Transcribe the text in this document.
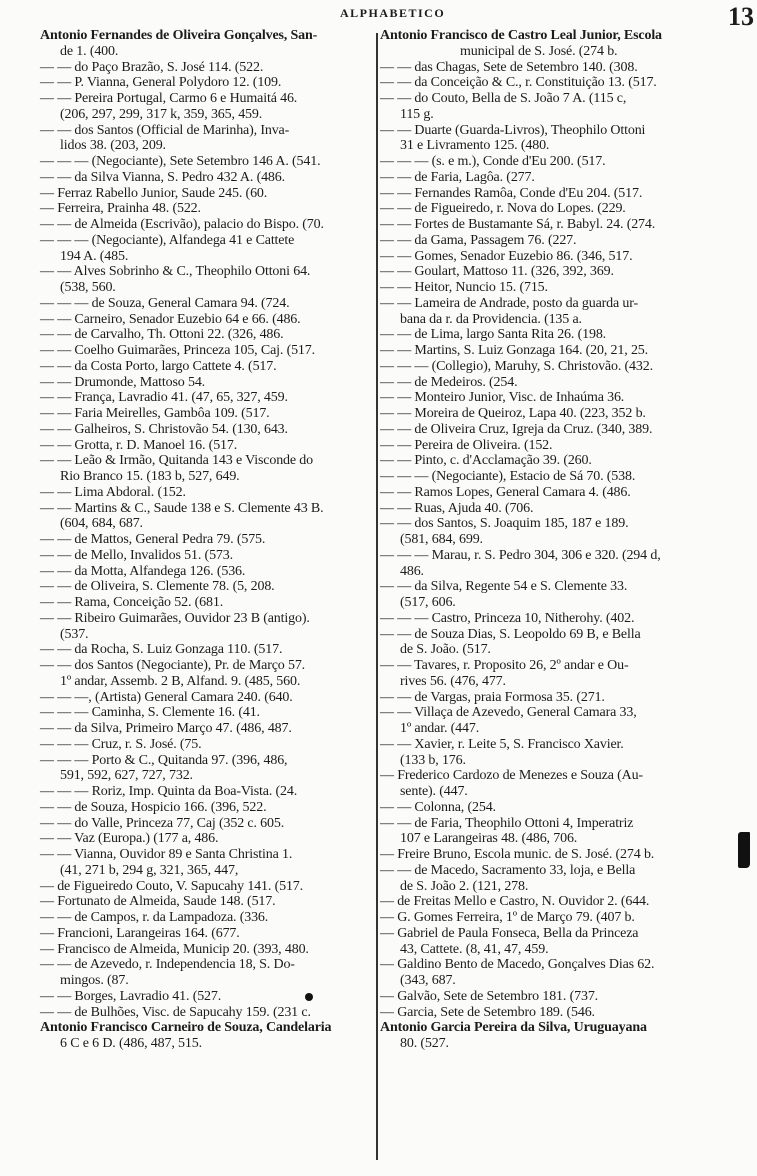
ALPHABETICO	13
Antonio Fernandes de Oliveira Gonçalves, San-
de 1. (400.
— — do Paço Brazão, S. José 114. (522.
— — P. Vianna, General Polydoro 12. (109.
— — Pereira Portugal, Carmo 6 e Humaitá 46.
(206, 297, 299, 317 k, 359, 365, 459.
— — dos Santos (Official de Marinha), Inva-
lidos 38. (203, 209.
— — — (Negociante), Sete Setembro 146 A. (541.
— — da Silva Vianna, S. Pedro 432 A. (486.
— Ferraz Rabello Junior, Saude 245. (60.
— Ferreira, Prainha 48. (522.
— — de Almeida (Escrivão), palacio do Bispo. (70.
— — — (Negociante), Alfandega 41 e Cattete
194 A. (485.
— — Alves Sobrinho & C., Theophilo Ottoni 64.
(538, 560.
— — — de Souza, General Camara 94. (724.
— — Carneiro, Senador Euzebio 64 e 66. (486.
— — de Carvalho, Th. Ottoni 22. (326, 486.
— — Coelho Guimarães, Princeza 105, Caj. (517.
— — da Costa Porto, largo Cattete 4. (517.
— — Drumonde, Mattoso 54.
— — França, Lavradio 41. (47, 65, 327, 459.
— — Faria Meirelles, Gambôa 109. (517.
— — Galheiros, S. Christovão 54. (130, 643.
— — Grotta, r. D. Manoel 16. (517.
— — Leão & Irmão, Quitanda 143 e Visconde do
Rio Branco 15. (183 b, 527, 649.
— — Lima Abdoral. (152.
— — Martins & C., Saude 138 e S. Clemente 43 B.
(604, 684, 687.
— — de Mattos, General Pedra 79. (575.
— — de Mello, Invalidos 51. (573.
— — da Motta, Alfandega 126. (536.
— — de Oliveira, S. Clemente 78. (5, 208.
— — Rama, Conceição 52. (681.
— — Ribeiro Guimarães, Ouvidor 23 B (antigo).
(537.
— — da Rocha, S. Luiz Gonzaga 110. (517.
— — dos Santos (Negociante), Pr. de Março 57.
1º andar, Assemb. 2 B, Alfand. 9. (485, 560.
— — —, (Artista) General Camara 240. (640.
— — — Caminha, S. Clemente 16. (41.
— — da Silva, Primeiro Março 47. (486, 487.
— — — Cruz, r. S. José. (75.
— — — Porto & C., Quitanda 97. (396, 486,
591, 592, 627, 727, 732.
— — — Roriz, Imp. Quinta da Boa-Vista. (24.
— — de Souza, Hospicio 166. (396, 522.
— — do Valle, Princeza 77, Caj (352 c. 605.
— — Vaz (Europa.) (177 a, 486.
— — Vianna, Ouvidor 89 e Santa Christina 1.
(41, 271 b, 294 g, 321, 365, 447,
— de Figueiredo Couto, V. Sapucahy 141. (517.
— Fortunato de Almeida, Saude 148. (517.
— — de Campos, r. da Lampadoza. (336.
— Francioni, Larangeiras 164. (677.
— Francisco de Almeida, Municip 20. (393, 480.
— — de Azevedo, r. Independencia 18, S. Do-
mingos. (87.
— — Borges, Lavradio 41. (527.
— — de Bulhões, Visc. de Sapucahy 159. (231 c.
Antonio Francisco Carneiro de Souza, Candelaria
6 C e 6 D. (486, 487, 515.
Antonio Francisco de Castro Leal Junior, Escola
municipal de S. José. (274 b.
— — das Chagas, Sete de Setembro 140. (308.
— — da Conceição & C., r. Constituição 13. (517.
— — do Couto, Bella de S. João 7 A. (115 c,
115 g.
— — Duarte (Guarda-Livros), Theophilo Ottoni
31 e Livramento 125. (480.
— — — (s. e m.), Conde d'Eu 200. (517.
— — de Faria, Lagôa. (277.
— — Fernandes Ramôa, Conde d'Eu 204. (517.
— — de Figueiredo, r. Nova do Lopes. (229.
— — Fortes de Bustamante Sá, r. Babyl. 24. (274.
— — da Gama, Passagem 76. (227.
— — Gomes, Senador Euzebio 86. (346, 517.
— — Goulart, Mattoso 11. (326, 392, 369.
— — Heitor, Nuncio 15. (715.
— — Lameira de Andrade, posto da guarda ur-
bana da r. da Providencia. (135 a.
— — de Lima, largo Santa Rita 26. (198.
— — Martins, S. Luiz Gonzaga 164. (20, 21, 25.
— — — (Collegio), Maruhy, S. Christovão. (432.
— — de Medeiros. (254.
— — Monteiro Junior, Visc. de Inhaúma 36.
— — Moreira de Queiroz, Lapa 40. (223, 352 b.
— — de Oliveira Cruz, Igreja da Cruz. (340, 389.
— — Pereira de Oliveira. (152.
— — Pinto, c. d'Acclamação 39. (260.
— — — (Negociante), Estacio de Sá 70. (538.
— — Ramos Lopes, General Camara 4. (486.
— — Ruas, Ajuda 40. (706.
— — dos Santos, S. Joaquim 185, 187 e 189.
(581, 684, 699.
— — — Marau, r. S. Pedro 304, 306 e 320. (294 d,
486.
— — da Silva, Regente 54 e S. Clemente 33.
(517, 606.
— — — Castro, Princeza 10, Nitherohy. (402.
— — de Souza Dias, S. Leopoldo 69 B, e Bella
de S. João. (517.
— — Tavares, r. Proposito 26, 2º andar e Ou-
rives 56. (476, 477.
— — de Vargas, praia Formosa 35. (271.
— — Villaça de Azevedo, General Camara 33,
1º andar. (447.
— — Xavier, r. Leite 5, S. Francisco Xavier.
(133 b, 176.
— Frederico Cardozo de Menezes e Souza (Au-
sente). (447.
— — Colonna, (254.
— — de Faria, Theophilo Ottoni 4, Imperatriz
107 e Larangeiras 48. (486, 706.
— Freire Bruno, Escola munic. de S. José. (274 b.
— — de Macedo, Sacramento 33, loja, e Bella
de S. João 2. (121, 278.
— de Freitas Mello e Castro, N. Ouvidor 2. (644.
— G. Gomes Ferreira, 1º de Março 79. (407 b.
— Gabriel de Paula Fonseca, Bella da Princeza
43, Cattete. (8, 41, 47, 459.
— Galdino Bento de Macedo, Gonçalves Dias 62.
(343, 687.
— Galvão, Sete de Setembro 181. (737.
— Garcia, Sete de Setembro 189. (546.
Antonio Garcia Pereira da Silva, Uruguayana
80. (527.
